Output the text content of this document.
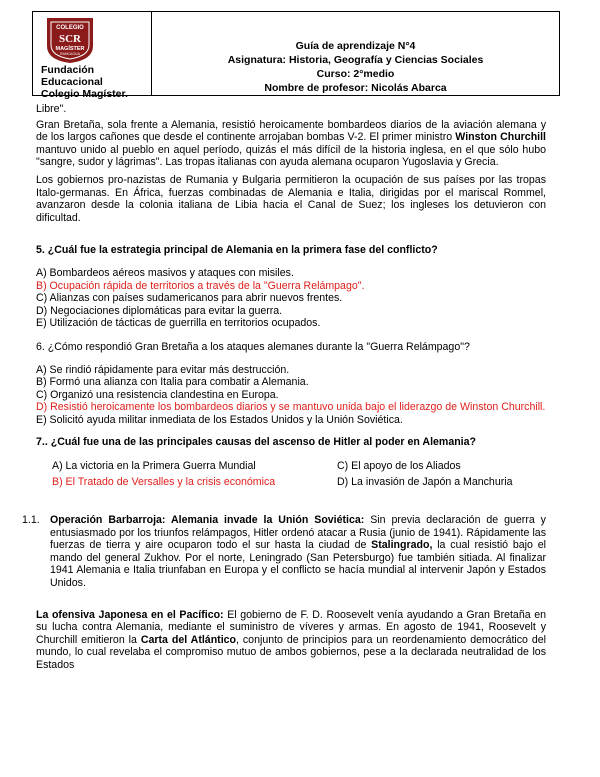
COLEGIO
SCR
MAGÍSTER
RANCAGUA
Fundación
Educacional
Colegio Magíster.
Guía de aprendizaje N°4
Asignatura: Historia, Geografía y Ciencias Sociales
Curso: 2°medio
Nombre de profesor: Nicolás Abarca

Libre".

Gran Bretaña, sola frente a Alemania, resistió heroicamente bombardeos diarios de la aviación alemana y de los largos cañones que desde el continente arrojaban bombas V-2. El primer ministro Winston Churchill mantuvo unido al pueblo en aquel período, quizás el más difícil de la historia inglesa, en el que sólo hubo "sangre, sudor y lágrimas". Las tropas italianas con ayuda alemana ocuparon Yugoslavia y Grecia.

Los gobiernos pro-nazistas de Rumania y Bulgaria permitieron la ocupación de sus países por las tropas Italo-germanas. En África, fuerzas combinadas de Alemania e Italia, dirigidas por el mariscal Rommel, avanzaron desde la colonia italiana de Libia hacia el Canal de Suez; los ingleses los detuvieron con dificultad.

5. ¿Cuál fue la estrategia principal de Alemania en la primera fase del conflicto?

A) Bombardeos aéreos masivos y ataques con misiles.

B) Ocupación rápida de territorios a través de la "Guerra Relámpago".

C) Alianzas con países sudamericanos para abrir nuevos frentes.

D) Negociaciones diplomáticas para evitar la guerra.

E) Utilización de tácticas de guerrilla en territorios ocupados.

6. ¿Cómo respondió Gran Bretaña a los ataques alemanes durante la "Guerra Relámpago"?

A) Se rindió rápidamente para evitar más destrucción.

B) Formó una alianza con Italia para combatir a Alemania.

C) Organizó una resistencia clandestina en Europa.

D) Resistió heroicamente los bombardeos diarios y se mantuvo unida bajo el liderazgo de Winston Churchill.

E) Solicitó ayuda militar inmediata de los Estados Unidos y la Unión Soviética.

7.. ¿Cuál fue una de las principales causas del ascenso de Hitler al poder en Alemania?

A) La victoria en la Primera Guerra Mundial	C) El apoyo de los Aliados
B) El Tratado de Versalles y la crisis económica	D) La invasión de Japón a Manchuria
1.1. Operación Barbarroja: Alemania invade la Unión Soviética: Sin previa declaración de guerra y entusiasmado por los triunfos relámpagos, Hitler ordenó atacar a Rusia (junio de 1941). Rápidamente las fuerzas de tierra y aire ocuparon todo el sur hasta la ciudad de Stalingrado, la cual resistió bajo el mando del general Zukhov. Por el norte, Leningrado (San Petersburgo) fue también sitiada. Al finalizar 1941 Alemania e Italia triunfaban en Europa y el conflicto se hacía mundial al intervenir Japón y Estados Unidos.

La ofensiva Japonesa en el Pacífico: El gobierno de F. D. Roosevelt venía ayudando a Gran Bretaña en su lucha contra Alemania, mediante el suministro de víveres y armas. En agosto de 1941, Roosevelt y Churchill emitieron la Carta del Atlántico, conjunto de principios para un reordenamiento democrático del mundo, lo cual revelaba el compromiso mutuo de ambos gobiernos, pese a la declarada neutralidad de los Estados
